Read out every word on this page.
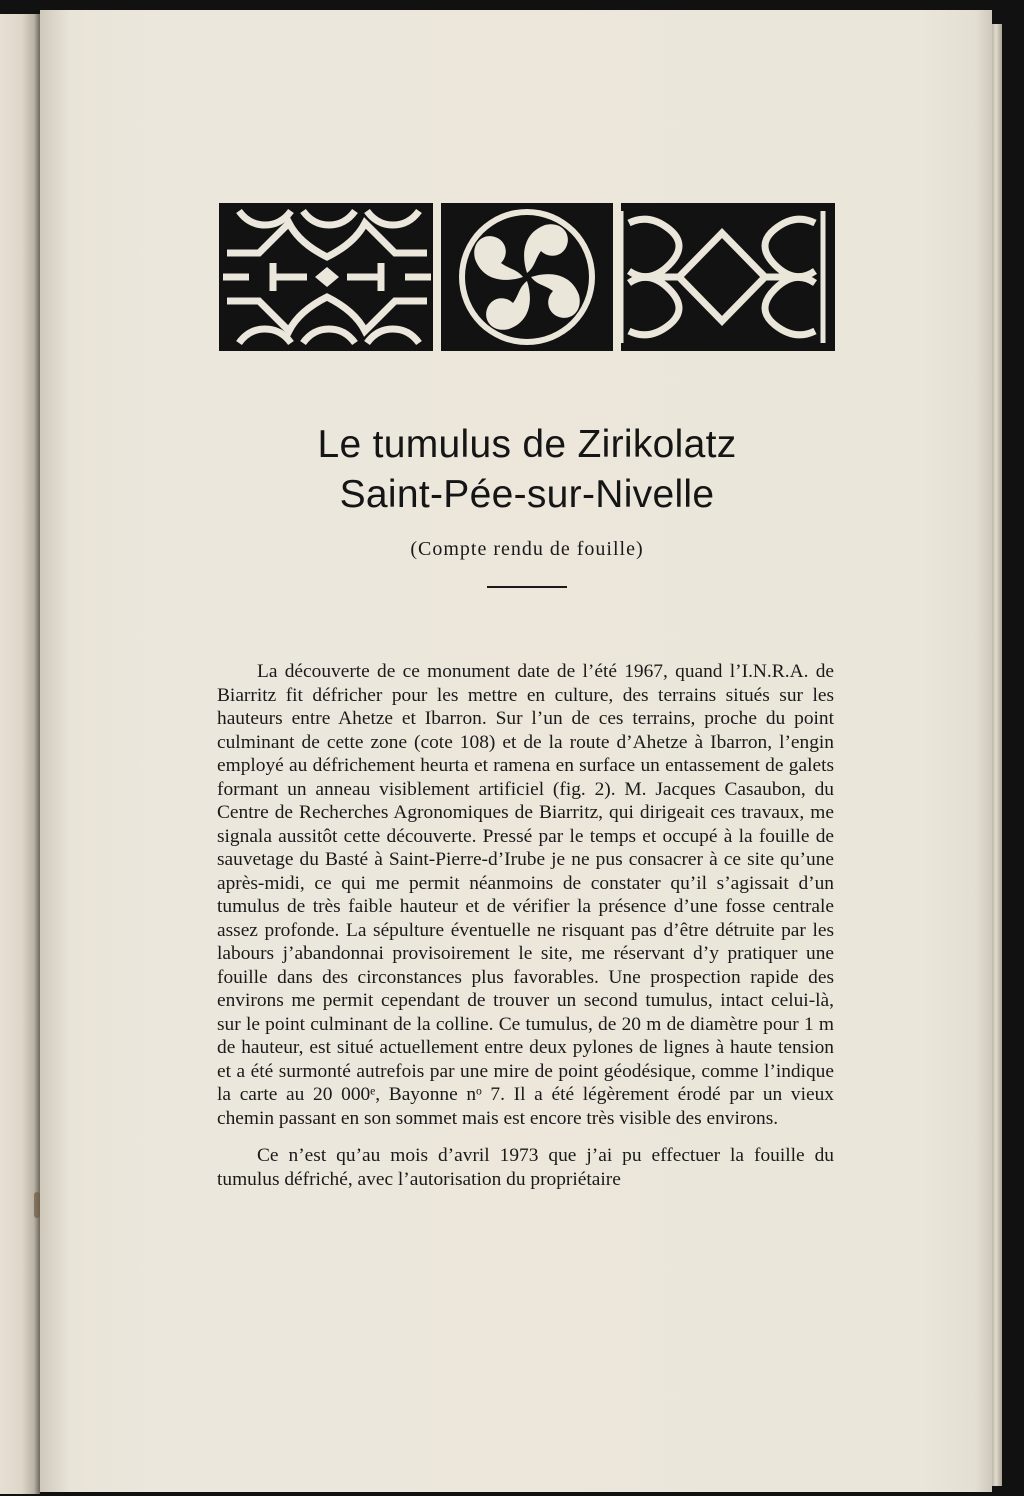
Le tumulus de Zirikolatz
Saint-Pée-sur-Nivelle
(Compte rendu de fouille)

La découverte de ce monument date de l’été 1967, quand l’I.N.R.A. de Biarritz fit défricher pour les mettre en culture, des terrains situés sur les hauteurs entre Ahetze et Ibarron. Sur l’un de ces terrains, proche du point culminant de cette zone (cote 108) et de la route d’Ahetze à Ibarron, l’engin employé au défrichement heurta et ramena en surface un entassement de galets formant un anneau visiblement artificiel (fig. 2). M. Jacques Casaubon, du Centre de Recherches Agronomiques de Biarritz, qui dirigeait ces travaux, me signala aussitôt cette découverte. Pressé par le temps et occupé à la fouille de sauvetage du Basté à Saint-Pierre-d’Irube je ne pus consacrer à ce site qu’une après-midi, ce qui me permit néanmoins de constater qu’il s’agissait d’un tumulus de très faible hauteur et de vérifier la présence d’une fosse centrale assez profonde. La sépulture éventuelle ne risquant pas d’être détruite par les labours j’abandonnai provisoirement le site, me réservant d’y pratiquer une fouille dans des circonstances plus favorables. Une prospection rapide des environs me permit cependant de trouver un second tumulus, intact celui-là, sur le point culminant de la colline. Ce tumulus, de 20 m de diamètre pour 1 m de hauteur, est situé actuellement entre deux pylones de lignes à haute tension et a été surmonté autrefois par une mire de point géodésique, comme l’indique la carte au 20 000ᵉ, Bayonne nᵒ 7. Il a été légèrement érodé par un vieux chemin passant en son sommet mais est encore très visible des environs.

Ce n’est qu’au mois d’avril 1973 que j’ai pu effectuer la fouille du tumulus défriché, avec l’autorisation du propriétaire
